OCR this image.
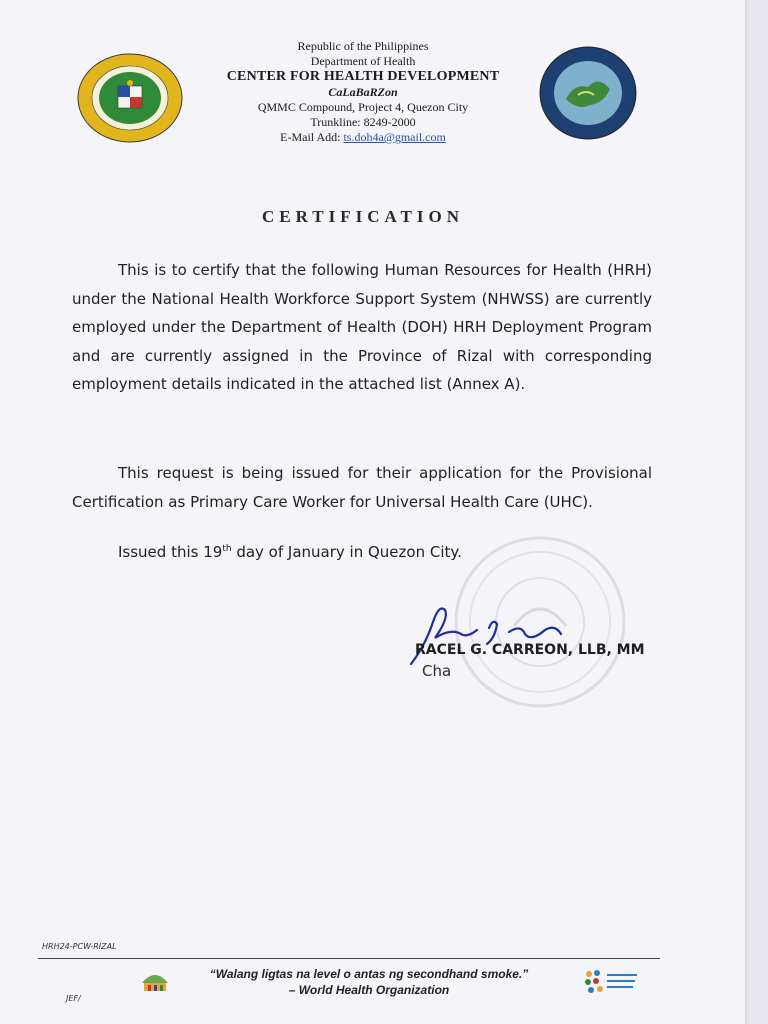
Republic of the Philippines
Department of Health
CENTER FOR HEALTH DEVELOPMENT
CaLaBaRZon
QMMC Compound, Project 4, Quezon City
Trunkline: 8249-2000
E-Mail Add: ts.doh4a@gmail.com
CERTIFICATION
This is to certify that the following Human Resources for Health (HRH) under the National Health Workforce Support System (NHWSS) are currently employed under the Department of Health (DOH) HRH Deployment Program and are currently assigned in the Province of Rizal with corresponding employment details indicated in the attached list (Annex A).
This request is being issued for their application for the Provisional Certification as Primary Care Worker for Universal Health Care (UHC).
Issued this 19th day of January in Quezon City.
RACEL G. CARREON, LLB, MM
Cha
HRH24-PCW-RIZAL
“Walang ligtas na level o antas ng secondhand smoke.”
– World Health Organization
JEF/
